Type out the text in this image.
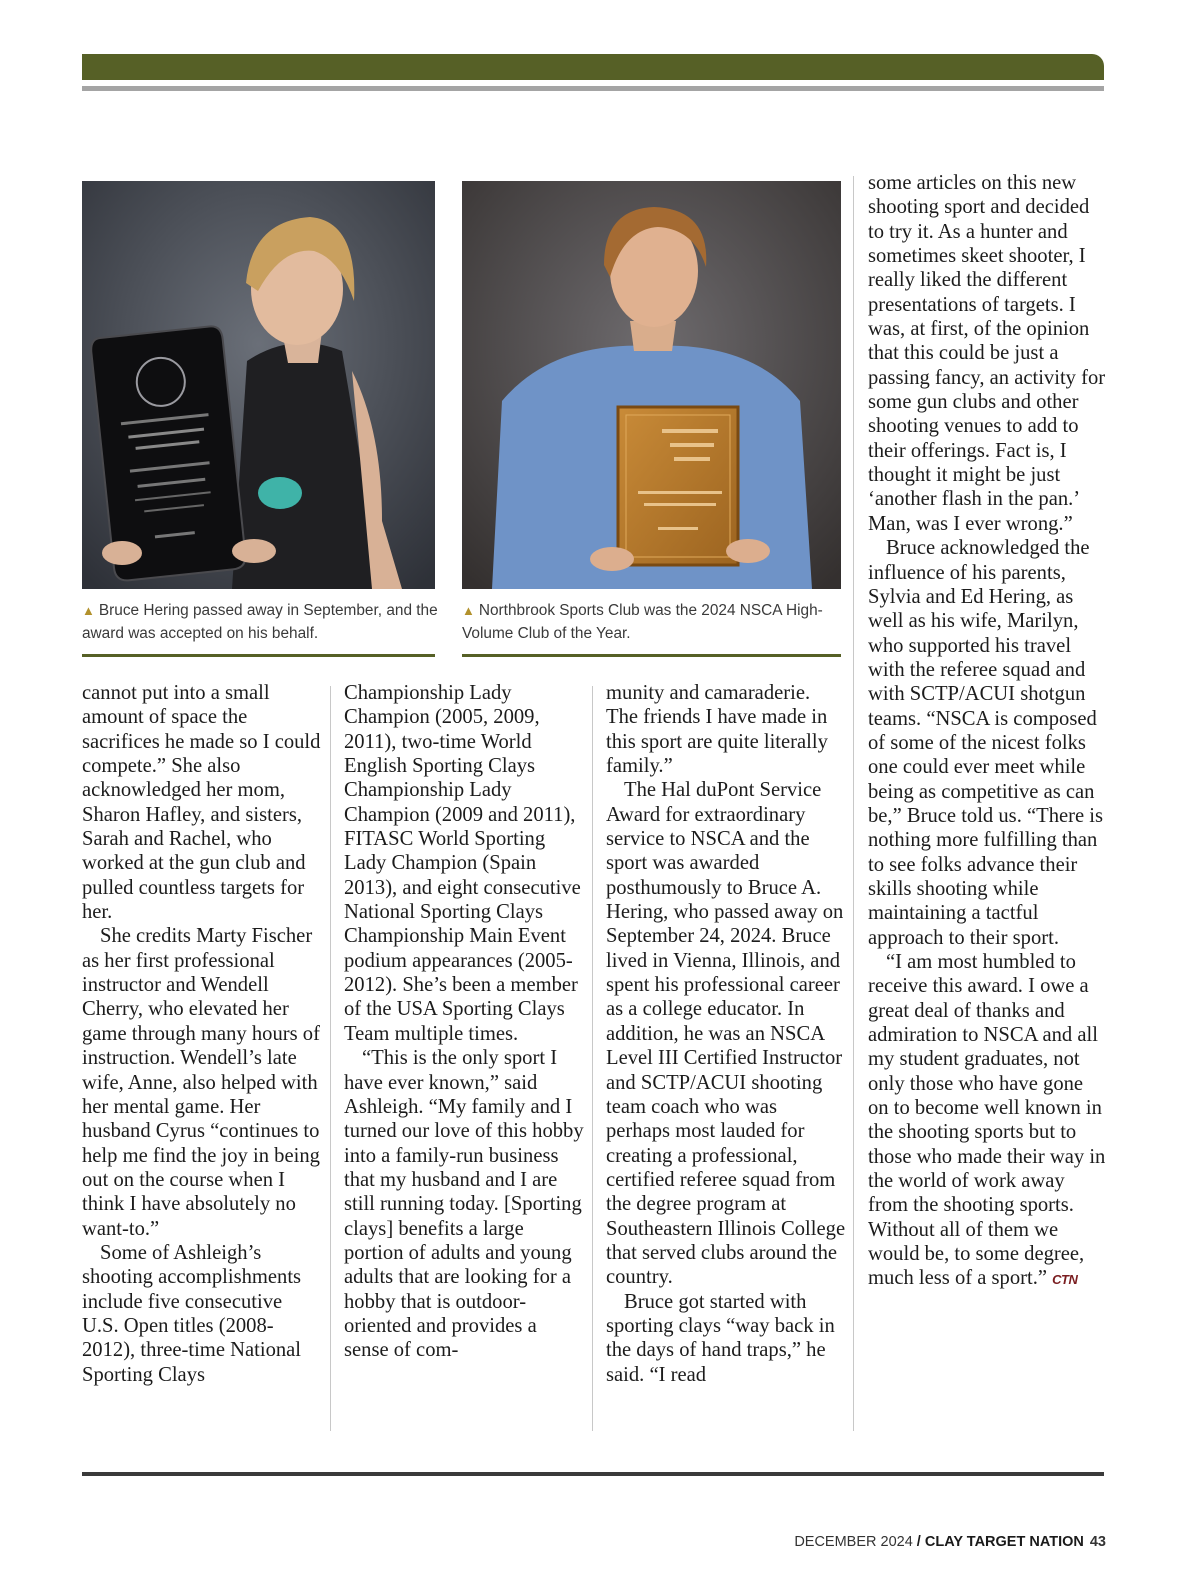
▲ Bruce Hering passed away in September, and the award was accepted on his behalf.

▲ Northbrook Sports Club was the 2024 NSCA High-Volume Club of the Year.

cannot put into a small amount of space the sacrifices he made so I could compete.” She also acknowledged her mom, Sharon Hafley, and sisters, Sarah and Rachel, who worked at the gun club and pulled countless targets for her.

She credits Marty Fischer as her first professional instructor and Wendell Cherry, who elevated her game through many hours of instruction. Wendell’s late wife, Anne, also helped with her mental game. Her husband Cyrus “continues to help me find the joy in being out on the course when I think I have absolutely no want-to.”

Some of Ashleigh’s shooting accomplishments include five consecutive U.S. Open titles (2008-2012), three-time National Sporting Clays

Championship Lady Champion (2005, 2009, 2011), two-time World English Sporting Clays Championship Lady Champion (2009 and 2011), FITASC World Sporting Lady Champion (Spain 2013), and eight consecutive National Sporting Clays Championship Main Event podium appearances (2005-2012). She’s been a member of the USA Sporting Clays Team multiple times.

“This is the only sport I have ever known,” said Ashleigh. “My family and I turned our love of this hobby into a family-run business that my husband and I are still running today. [Sporting clays] benefits a large portion of adults and young adults that are looking for a hobby that is outdoor-oriented and provides a sense of com-

munity and camaraderie. The friends I have made in this sport are quite literally family.”

The Hal duPont Service Award for extraordinary service to NSCA and the sport was awarded posthumously to Bruce A. Hering, who passed away on September 24, 2024. Bruce lived in Vienna, Illinois, and spent his professional career as a college educator. In addition, he was an NSCA Level III Certified Instructor and SCTP/ACUI shooting team coach who was perhaps most lauded for creating a professional, certified referee squad from the degree program at Southeastern Illinois College that served clubs around the country.

Bruce got started with sporting clays “way back in the days of hand traps,” he said. “I read

some articles on this new shooting sport and decided to try it. As a hunter and sometimes skeet shooter, I really liked the different presentations of targets. I was, at first, of the opinion that this could be just a passing fancy, an activity for some gun clubs and other shooting venues to add to their offerings. Fact is, I thought it might be just ‘another flash in the pan.’ Man, was I ever wrong.”

Bruce acknowledged the influence of his parents, Sylvia and Ed Hering, as well as his wife, Marilyn, who supported his travel with the referee squad and with SCTP/ACUI shotgun teams. “NSCA is composed of some of the nicest folks one could ever meet while being as competitive as can be,” Bruce told us. “There is nothing more fulfilling than to see folks advance their skills shooting while maintaining a tactful approach to their sport.

“I am most humbled to receive this award. I owe a great deal of thanks and admiration to NSCA and all my student graduates, not only those who have gone on to become well known in the shooting sports but to those who made their way in the world of work away from the shooting sports. Without all of them we would be, to some degree, much less of a sport.” CTN

DECEMBER 2024 / CLAY TARGET NATION 43
